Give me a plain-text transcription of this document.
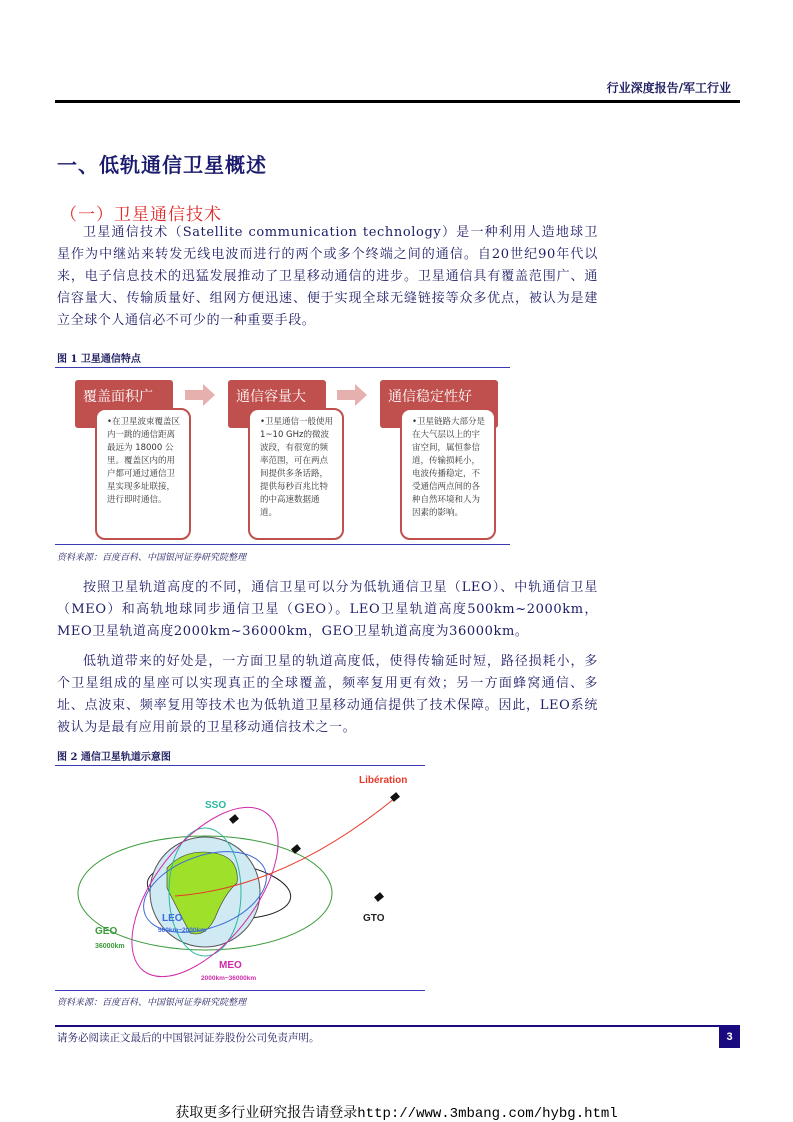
行业深度报告/军工行业
一、低轨通信卫星概述
（一）卫星通信技术

卫星通信技术（Satellite communication technology）是一种利用人造地球卫星作为中继站来转发无线电波而进行的两个或多个终端之间的通信。自20世纪90年代以来，电子信息技术的迅猛发展推动了卫星移动通信的进步。卫星通信具有覆盖范围广、通信容量大、传输质量好、组网方便迅速、便于实现全球无缝链接等众多优点，被认为是建立全球个人通信必不可少的一种重要手段。

图 1 卫星通信特点
覆盖面积广
•在卫星波束覆盖区内一跳的通信距离最远为 18000 公里。覆盖区内的用户都可通过通信卫星实现多址联接，进行即时通信。
通信容量大
•卫星通信一般使用1~10 GHz的微波波段，有很宽的频率范围，可在两点间提供多条话路，提供每秒百兆比特的中高速数据通道。
通信稳定性好
•卫星链路大部分是在大气层以上的宇宙空间，属恒参信道，传输损耗小，电波传播稳定，不受通信两点间的各种自然环境和人为因素的影响。
资料来源：百度百科、中国银河证券研究院整理

按照卫星轨道高度的不同，通信卫星可以分为低轨通信卫星（LEO）、中轨通信卫星（MEO）和高轨地球同步通信卫星（GEO）。LEO卫星轨道高度500km~2000km，MEO卫星轨道高度2000km~36000km，GEO卫星轨道高度为36000km。

低轨道带来的好处是，一方面卫星的轨道高度低，使得传输延时短，路径损耗小，多个卫星组成的星座可以实现真正的全球覆盖，频率复用更有效；另一方面蜂窝通信、多址、点波束、频率复用等技术也为低轨道卫星移动通信提供了技术保障。因此，LEO系统被认为是最有应用前景的卫星移动通信技术之一。

图 2 通信卫星轨道示意图
Libération
SSO
LEO
500km~2000km
GEO
36000km
MEO
2000km~36000km
GTO
资料来源：百度百科、中国银河证券研究院整理
请务必阅读正文最后的中国银河证券股份公司免责声明。	3
获取更多行业研究报告请登录http://www.3mbang.com/hybg.html
